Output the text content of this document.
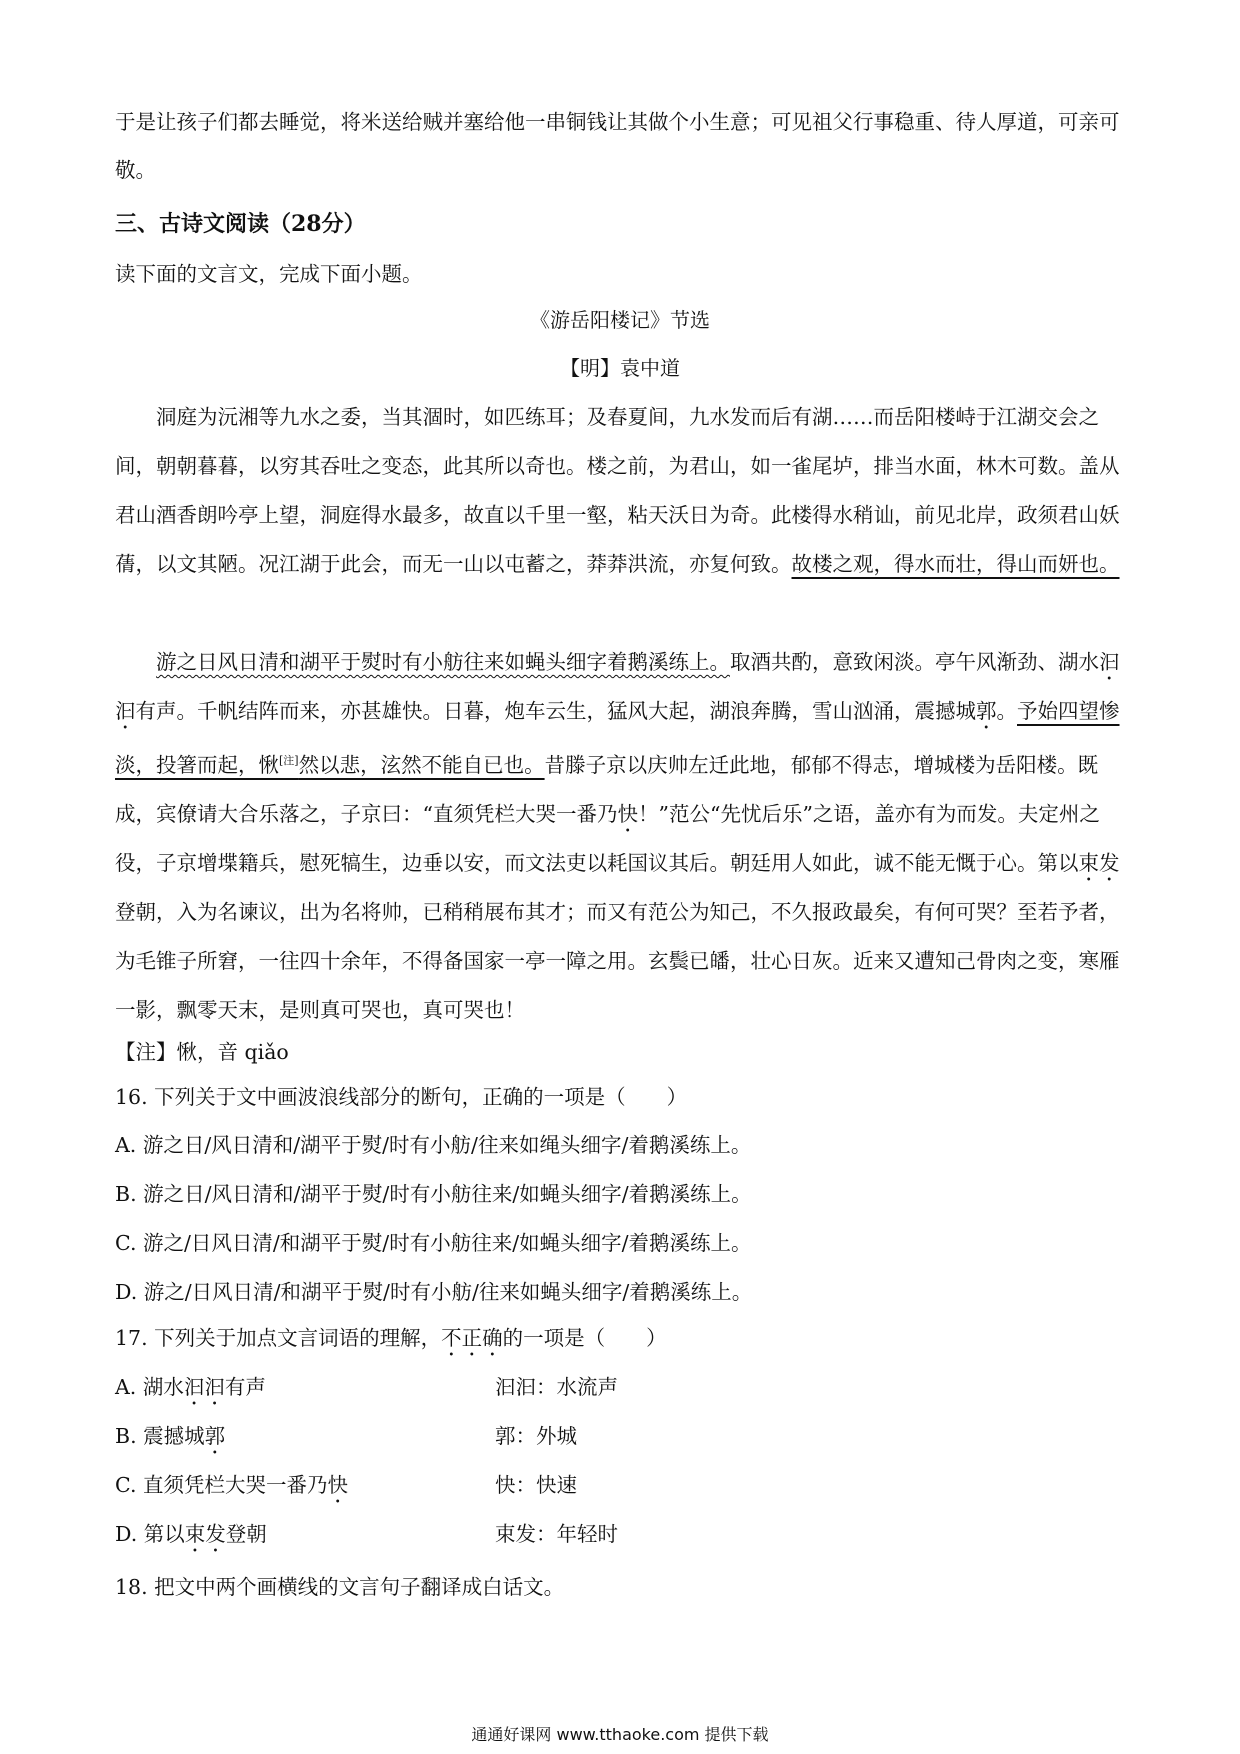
于是让孩子们都去睡觉，将米送给贼并塞给他一串铜钱让其做个小生意；可见祖父行事稳重、待人厚道，可亲可敬。
三、古诗文阅读（28分）
读下面的文言文，完成下面小题。
《游岳阳楼记》节选
【明】袁中道
洞庭为沅湘等九水之委，当其涸时，如匹练耳；及春夏间，九水发而后有湖……而岳阳楼峙于江湖交会之间，朝朝暮暮，以穷其吞吐之变态，此其所以奇也。楼之前，为君山，如一雀尾垆，排当水面，林木可数。盖从君山酒香朗吟亭上望，洞庭得水最多，故直以千里一壑，粘天沃日为奇。此楼得水稍讪，前见北岸，政须君山妖蒨，以文其陋。况江湖于此会，而无一山以屯蓄之，莽莽洪流，亦复何致。故楼之观，得水而壮，得山而妍也。
游之日风日清和湖平于熨时有小舫往来如蝇头细字着鹅溪练上。取酒共酌，意致闲淡。亭午风渐劲、湖水汩汩有声。千帆结阵而来，亦甚雄快。日暮，炮车云生，猛风大起，湖浪奔腾，雪山汹涌，震撼城郭。予始四望惨淡，投箸而起，愀[注]然以悲，泫然不能自已也。昔滕子京以庆帅左迁此地，郁郁不得志，增城楼为岳阳楼。既成，宾僚请大合乐落之，子京曰：“直须凭栏大哭一番乃快！”范公“先忧后乐”之语，盖亦有为而发。夫定州之役，子京增堞籍兵，慰死犒生，边垂以安，而文法吏以耗国议其后。朝廷用人如此，诚不能无慨于心。第以束发登朝，入为名谏议，出为名将帅，已稍稍展布其才；而又有范公为知己，不久报政最矣，有何可哭？至若予者，为毛锥子所窘，一往四十余年，不得备国家一亭一障之用。玄鬓已皤，壮心日灰。近来又遭知己骨肉之变，寒雁一影，飘零天末，是则真可哭也，真可哭也！
【注】愀，音 qiǎo
16. 下列关于文中画波浪线部分的断句，正确的一项是（　　）
A. 游之日/风日清和/湖平于熨/时有小舫/往来如绳头细字/着鹅溪练上。
B. 游之日/风日清和/湖平于熨/时有小舫往来/如蝇头细字/着鹅溪练上。
C. 游之/日风日清/和湖平于熨/时有小舫往来/如蝇头细字/着鹅溪练上。
D. 游之/日风日清/和湖平于熨/时有小舫/往来如蝇头细字/着鹅溪练上。
17. 下列关于加点文言词语的理解，不正确的一项是（　　）
A. 湖水汩汩有声	汩汩：水流声
B. 震撼城郭	郭：外城
C. 直须凭栏大哭一番乃快	快：快速
D. 第以束发登朝	束发：年轻时
18. 把文中两个画横线的文言句子翻译成白话文。
通通好课网 www.tthaoke.com 提供下载
